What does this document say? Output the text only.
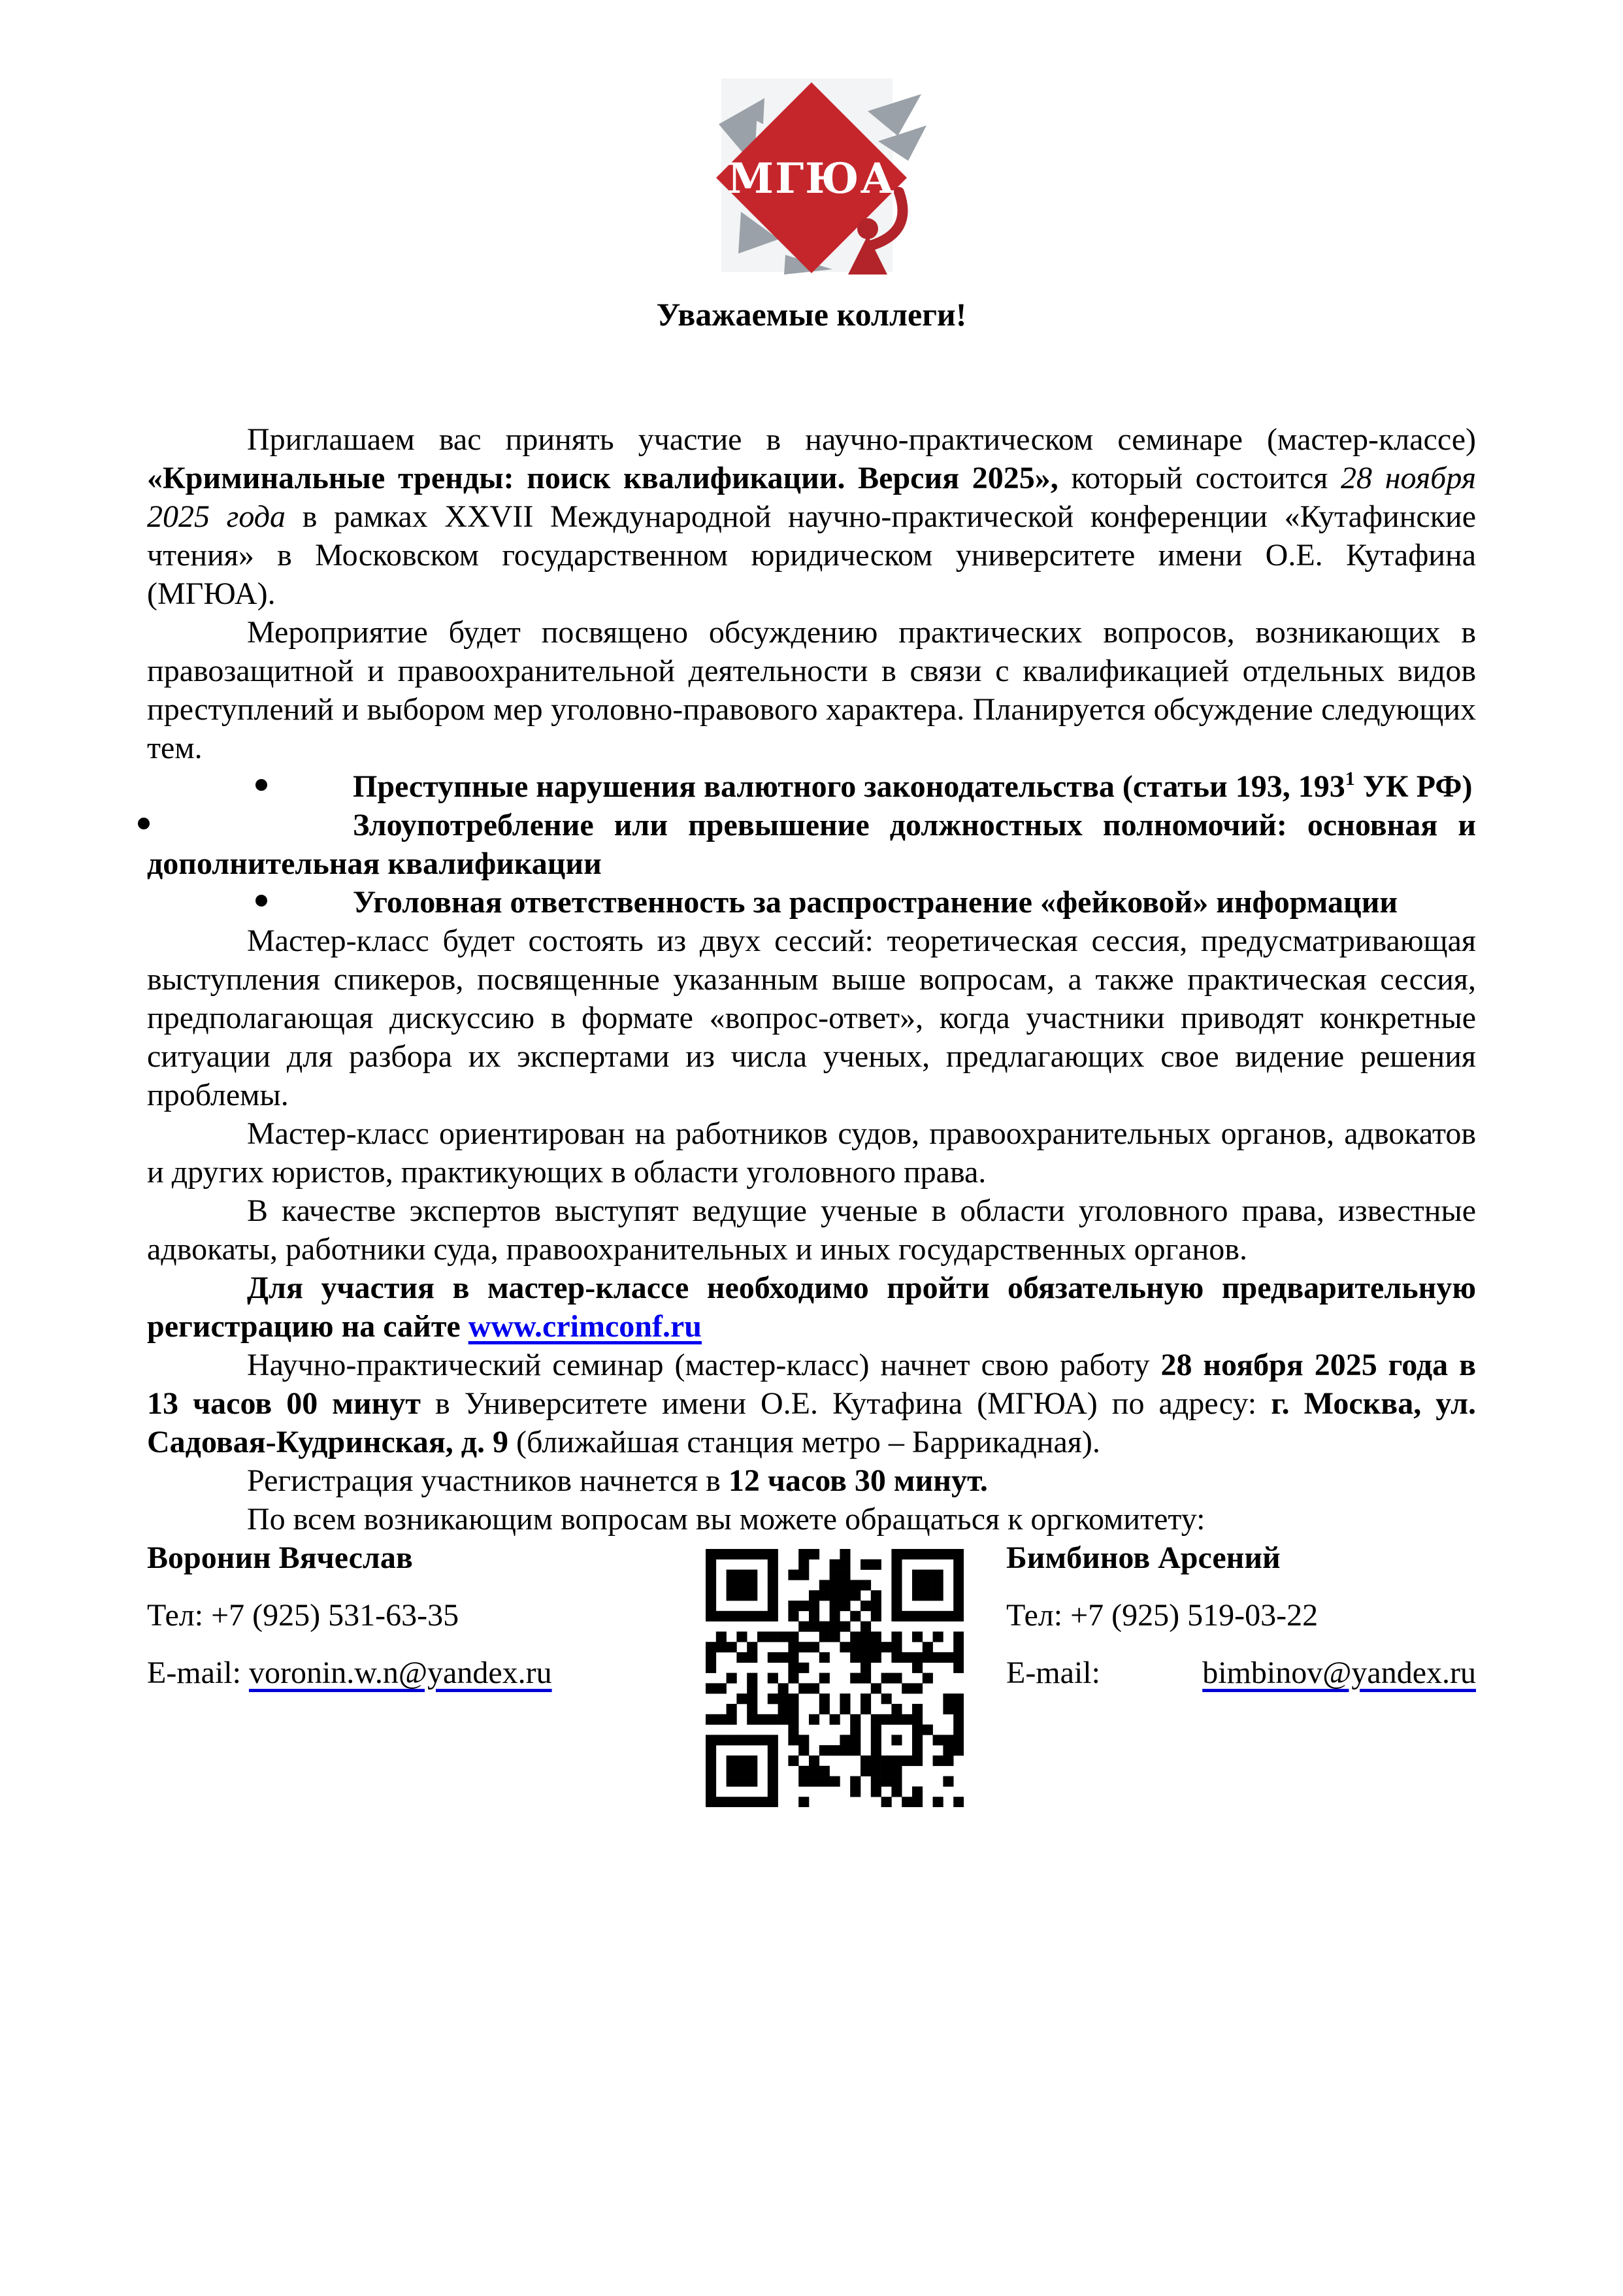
МГЮА
Уважаемые коллеги!

Приглашаем вас принять участие в научно-практическом семинаре (мастер-классе) «Криминальные тренды: поиск квалификации. Версия 2025», который состоится 28 ноября 2025 года в рамках XXVII Международной научно-практической конференции «Кутафинские чтения» в Московском государственном юридическом университете имени О.Е. Кутафина (МГЮА).

Мероприятие будет посвящено обсуждению практических вопросов, возникающих в правозащитной и правоохранительной деятельности в связи с квалификацией отдельных видов преступлений и выбором мер уголовно-правового характера. Планируется обсуждение следующих тем.

Преступные нарушения валютного законодательства (статьи 193, $193^1$ УК РФ)
Злоупотребление или превышение должностных полномочий: основная и дополнительная квалификации
Уголовная ответственность за распространение «фейковой» информации

Мастер-класс будет состоять из двух сессий: теоретическая сессия, предусматривающая выступления спикеров, посвященные указанным выше вопросам, а также практическая сессия, предполагающая дискуссию в формате «вопрос-ответ», когда участники приводят конкретные ситуации для разбора их экспертами из числа ученых, предлагающих свое видение решения проблемы.

Мастер-класс ориентирован на работников судов, правоохранительных органов, адвокатов и других юристов, практикующих в области уголовного права.

В качестве экспертов выступят ведущие ученые в области уголовного права, известные адвокаты, работники суда, правоохранительных и иных государственных органов.

Для участия в мастер-классе необходимо пройти обязательную предварительную регистрацию на сайте www.crimconf.ru

Научно-практический семинар (мастер-класс) начнет свою работу 28 ноября 2025 года в 13 часов 00 минут в Университете имени О.Е. Кутафина (МГЮА) по адресу: г. Москва, ул. Садовая-Кудринская, д. 9 (ближайшая станция метро – Баррикадная).

Регистрация участников начнется в 12 часов 30 минут.

По всем возникающим вопросам вы можете обращаться к оргкомитету:

Воронин Вячеслав
Тел: +7 (925) 531-63-35
E-mail: voronin.w.n@yandex.ru
Бимбинов Арсений
Тел: +7 (925) 519-03-22
E-mail:	bimbinov@yandex.ru
